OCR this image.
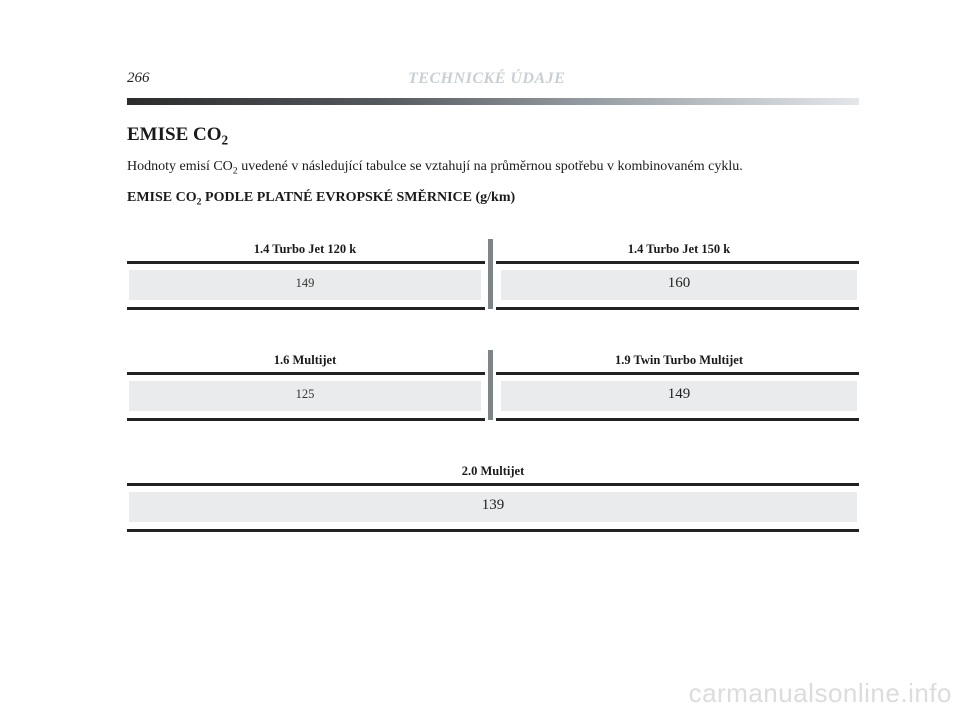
266	TECHNICKÉ ÚDAJE
EMISE $CO_2$
Hodnoty emisí $CO_2$ uvedené v následující tabulce se vztahují na průměrnou spotřebu v kombinovaném cyklu.
EMISE $CO_2$ PODLE PLATNÉ EVROPSKÉ SMĚRNICE (g/km)
1.4 Turbo Jet 120 k	1.4 Turbo Jet 150 k
149	160
1.6 Multijet	1.9 Twin Turbo Multijet
125	149
2.0 Multijet
139
carmanualsonline.info
